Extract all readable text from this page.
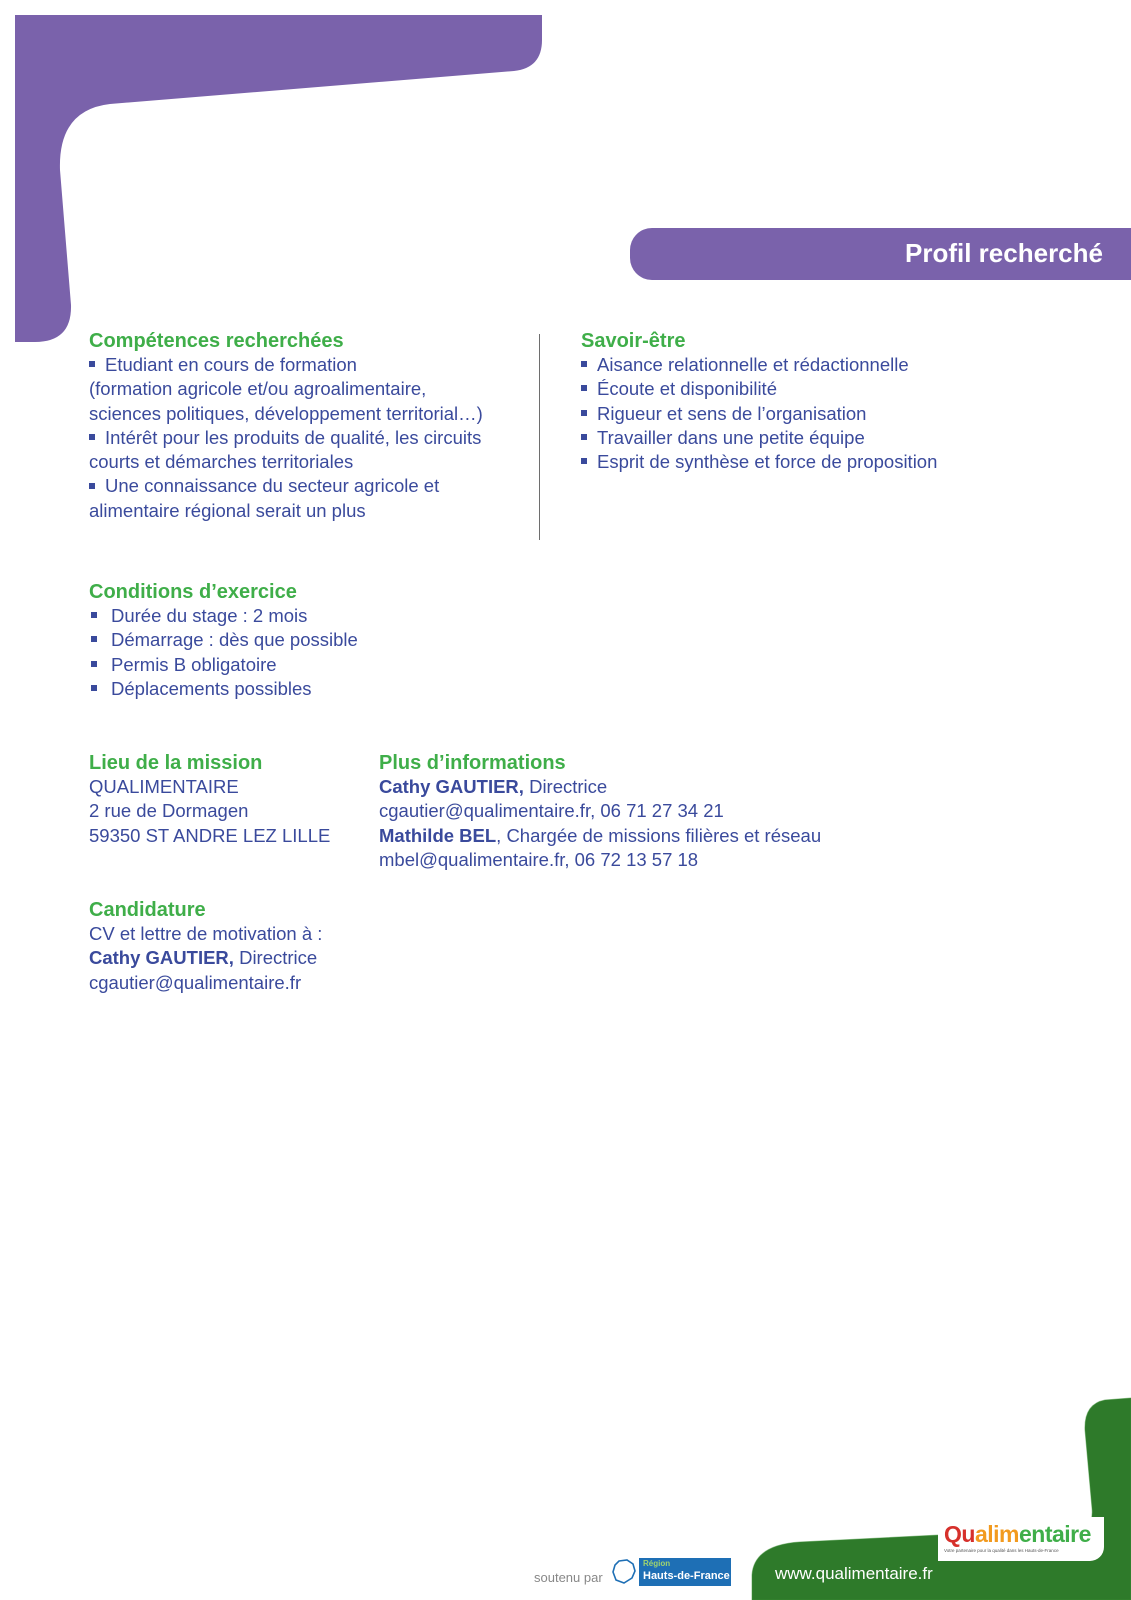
Profil recherché
Compétences recherchées
Etudiant en cours de formation
(formation agricole et/ou agroalimentaire,
sciences politiques, développement territorial…)
Intérêt pour les produits de qualité, les circuits
courts et démarches territoriales
Une connaissance du secteur agricole et
alimentaire régional serait un plus
Savoir-être
Aisance relationnelle et rédactionnelle
Écoute et disponibilité
Rigueur et sens de l’organisation
Travailler dans une petite équipe
Esprit de synthèse et force de proposition
Conditions d’exercice
Durée du stage : 2 mois
Démarrage : dès que possible
Permis B obligatoire
Déplacements possibles
Lieu de la mission
QUALIMENTAIRE
2 rue de Dormagen
59350 ST ANDRE LEZ LILLE
Plus d’informations
Cathy GAUTIER, Directrice
cgautier@qualimentaire.fr, 06 71 27 34 21
Mathilde BEL, Chargée de missions filières et réseau
mbel@qualimentaire.fr, 06 72 13 57 18
Candidature
CV et lettre de motivation à :
Cathy GAUTIER, Directrice
cgautier@qualimentaire.fr
Qualimentaire
Votre partenaire pour la qualité dans les Hauts-de-France
www.qualimentaire.fr
soutenu par
Région
Hauts-de-France
